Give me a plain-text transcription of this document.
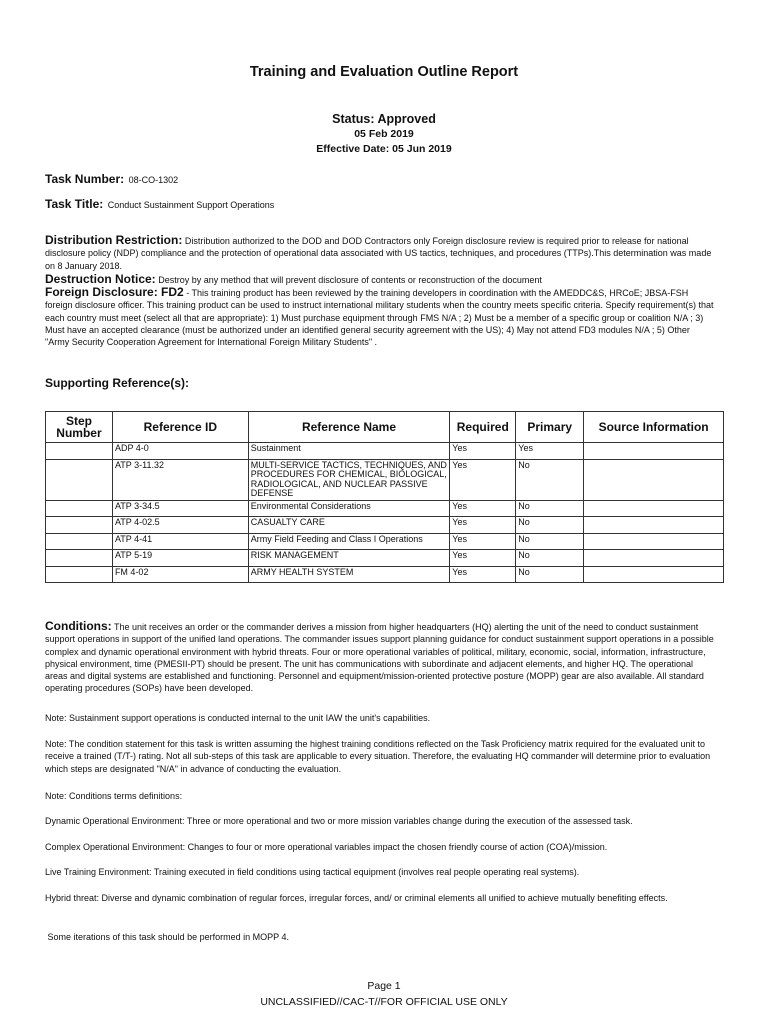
Training and Evaluation Outline Report
Status: Approved
05 Feb 2019
Effective Date: 05 Jun 2019
Task Number: 08-CO-1302
Task Title: Conduct Sustainment Support Operations

Distribution Restriction: Distribution authorized to the DOD and DOD Contractors only Foreign disclosure review is required prior to release for national disclosure policy (NDP) compliance and the protection of operational data associated with US tactics, techniques, and procedures (TTPs).This determination was made on 8 January 2018.

Destruction Notice: Destroy by any method that will prevent disclosure of contents or reconstruction of the document

Foreign Disclosure: FD2 - This training product has been reviewed by the training developers in coordination with the AMEDDC&S, HRCoE; JBSA-FSH foreign disclosure officer. This training product can be used to instruct international military students when the country meets specific criteria. Specify requirement(s) that each country must meet (select all that are appropriate): 1) Must purchase equipment through FMS N/A ; 2) Must be a member of a specific group or coalition N/A ; 3) Must have an accepted clearance (must be authorized under an identified general security agreement with the US); 4) May not attend FD3 modules N/A ; 5) Other "Army Security Cooperation Agreement for International Foreign Military Students" .

Supporting Reference(s):
Step Number	Reference ID	Reference Name	Required	Primary	Source Information
	ADP 4-0	Sustainment	Yes	Yes	
	ATP 3-11.32	MULTI-SERVICE TACTICS, TECHNIQUES, AND PROCEDURES FOR CHEMICAL, BIOLOGICAL, RADIOLOGICAL, AND NUCLEAR PASSIVE DEFENSE	Yes	No	
	ATP 3-34.5	Environmental Considerations	Yes	No	
	ATP 4-02.5	CASUALTY CARE	Yes	No	
	ATP 4-41	Army Field Feeding and Class I Operations	Yes	No	
	ATP 5-19	RISK MANAGEMENT	Yes	No	
	FM 4-02	ARMY HEALTH SYSTEM	Yes	No	

Conditions: The unit receives an order or the commander derives a mission from higher headquarters (HQ) alerting the unit of the need to conduct sustainment support operations in support of the unified land operations. The commander issues support planning guidance for conduct sustainment support operations in a possible complex and dynamic operational environment with hybrid threats. Four or more operational variables of political, military, economic, social, information, infrastructure, physical environment, time (PMESII-PT) should be present. The unit has communications with subordinate and adjacent elements, and higher HQ. The operational areas and digital systems are established and functioning. Personnel and equipment/mission-oriented protective posture (MOPP) gear are also available. All standard operating procedures (SOPs) have been developed.

Note: Sustainment support operations is conducted internal to the unit IAW the unit's capabilities.

Note: The condition statement for this task is written assuming the highest training conditions reflected on the Task Proficiency matrix required for the evaluated unit to receive a trained (T/T-) rating. Not all sub-steps of this task are applicable to every situation. Therefore, the evaluating HQ commander will determine prior to evaluation which steps are designated "N/A" in advance of conducting the evaluation.

Note: Conditions terms definitions:

Dynamic Operational Environment: Three or more operational and two or more mission variables change during the execution of the assessed task.

Complex Operational Environment: Changes to four or more operational variables impact the chosen friendly course of action (COA)/mission.

Live Training Environment: Training executed in field conditions using tactical equipment (involves real people operating real systems).

Hybrid threat: Diverse and dynamic combination of regular forces, irregular forces, and/ or criminal elements all unified to achieve mutually benefiting effects.

Some iterations of this task should be performed in MOPP 4.

Page 1
UNCLASSIFIED//CAC-T//FOR OFFICIAL USE ONLY
